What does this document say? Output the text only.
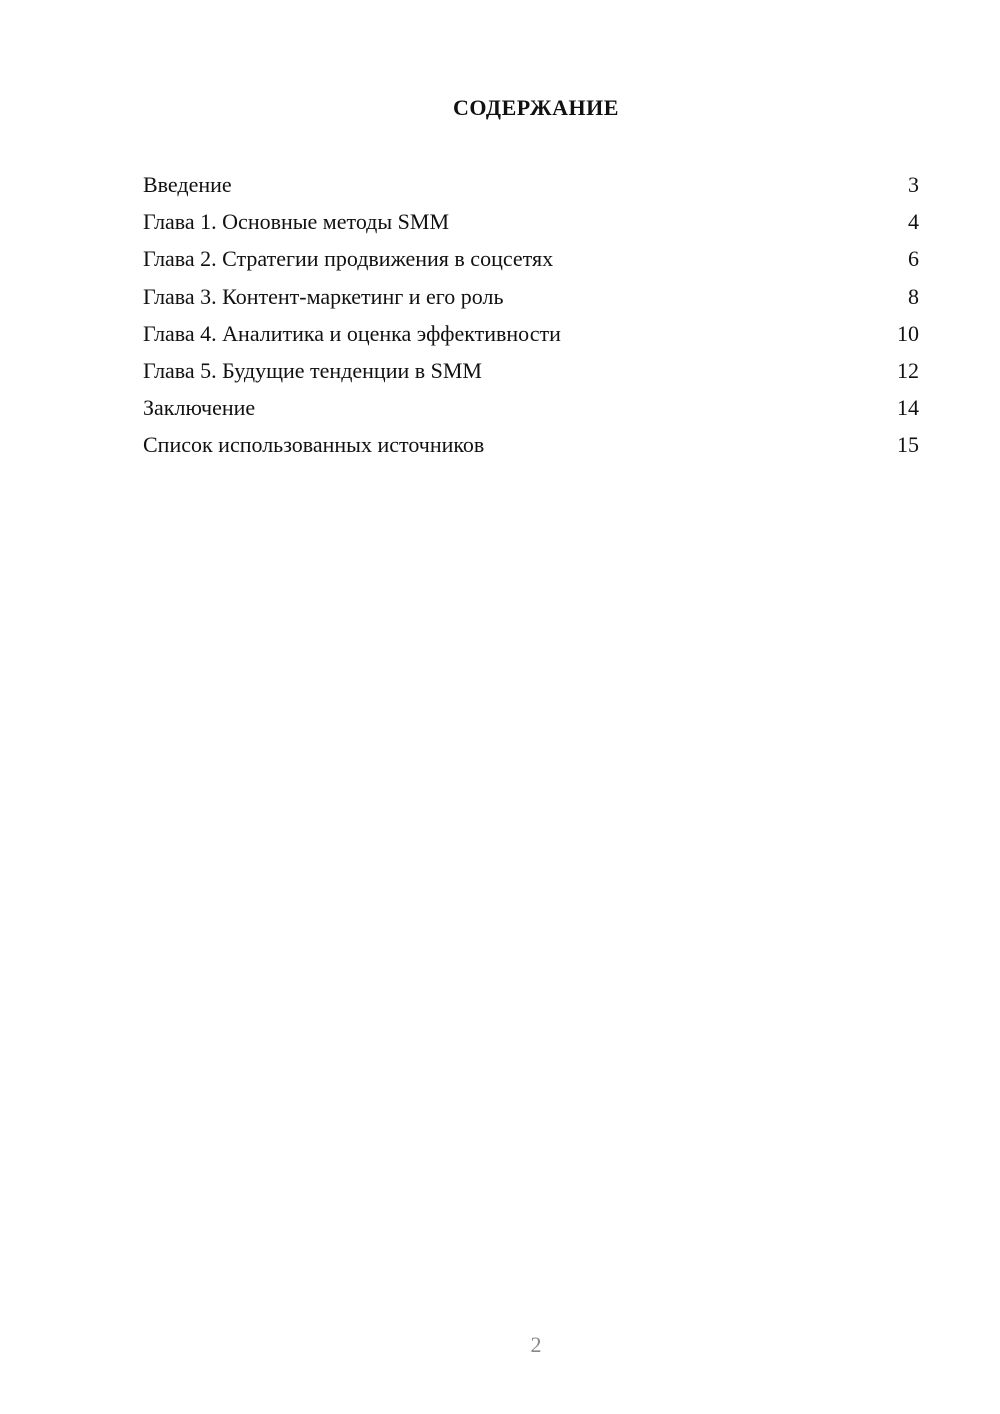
СОДЕРЖАНИЕ
Введение	3
Глава 1. Основные методы SMM	4
Глава 2. Стратегии продвижения в соцсетях	6
Глава 3. Контент-маркетинг и его роль	8
Глава 4. Аналитика и оценка эффективности	10
Глава 5. Будущие тенденции в SMM	12
Заключение	14
Список использованных источников	15
2
